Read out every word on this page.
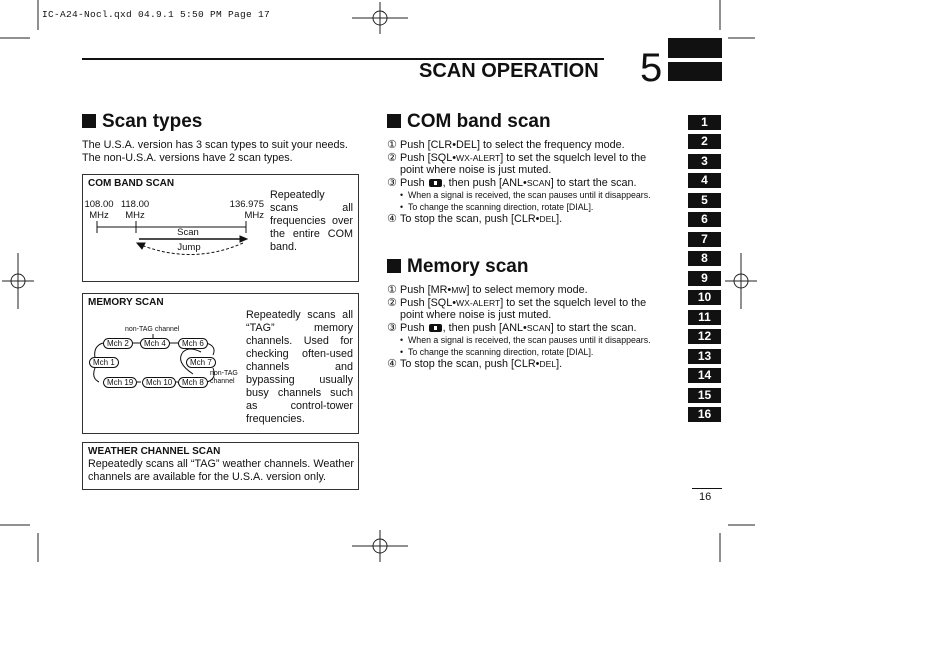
IC-A24-Nocl.qxd 04.9.1 5:50 PM Page 17
SCAN OPERATION 5
Scan types
The U.S.A. version has 3 scan types to suit your needs. The non-U.S.A. versions have 2 scan types.
COM BAND SCAN
108.00
MHz
118.00
MHz
136.975
MHz
Scan
Jump
Repeatedly scans all frequencies over the entire COM band.
MEMORY SCAN
non-TAG channel
non-TAG
channel
Mch 2	Mch 4	Mch 6
Mch 1	Mch 7
Mch 19	Mch 10	Mch 8
Repeatedly scans all “TAG” memory channels. Used for checking often-used channels and bypassing usually busy channels such as control-tower frequencies.
WEATHER CHANNEL SCAN
Repeatedly scans all “TAG” weather channels. Weather channels are available for the U.S.A. version only.
COM band scan
① Push [CLR•DEL] to select the frequency mode.
② Push [SQL•WX-ALERT] to set the squelch level to the point where noise is just muted.
③ Push , then push [ANL•SCAN] to start the scan.
• When a signal is received, the scan pauses until it disappears.
• To change the scanning direction, rotate [DIAL].
④ To stop the scan, push [CLR•DEL].
Memory scan
① Push [MR•MW] to select memory mode.
② Push [SQL•WX-ALERT] to set the squelch level to the point where noise is just muted.
③ Push , then push [ANL•SCAN] to start the scan.
• When a signal is received, the scan pauses until it disappears.
• To change the scanning direction, rotate [DIAL].
④ To stop the scan, push [CLR•DEL].
1
2
3
4
5
6
7
8
9
10
11
12
13
14
15
16
16
